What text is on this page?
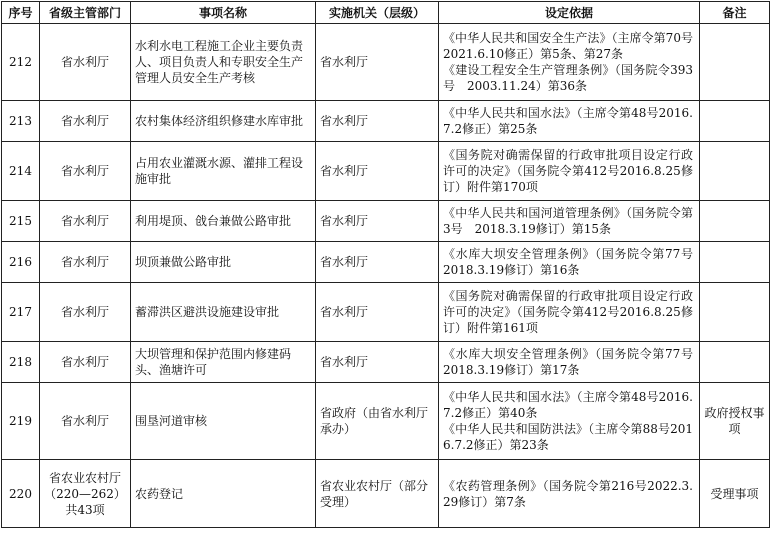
序号	省级主管部门	事项名称	实施机关（层级）	设定依据	备注
212	省水利厅	水利水电工程施工企业主要负责人、项目负责人和专职安全生产管理人员安全生产考核	省水利厅	《中华人民共和国安全生产法》（主席令第70号　2021.6.10修正）第5条、第27条
《建设工程安全生产管理条例》（国务院令393号　2003.11.24）第36条	

213	省水利厅	农村集体经济组织修建水库审批	省水利厅	《中华人民共和国水法》（主席令第48号2016.7.2修正）第25条	

214	省水利厅	占用农业灌溉水源、灌排工程设施审批	省水利厅	《国务院对确需保留的行政审批项目设定行政许可的决定》（国务院令第412号2016.8.25修订）附件第170项	

215	省水利厅	利用堤顶、戗台兼做公路审批	省水利厅	《中华人民共和国河道管理条例》（国务院令第3号　2018.3.19修订）第15条	

216	省水利厅	坝顶兼做公路审批	省水利厅	《水库大坝安全管理条例》（国务院令第77号　2018.3.19修订）第16条	

217	省水利厅	蓄滞洪区避洪设施建设审批	省水利厅	《国务院对确需保留的行政审批项目设定行政许可的决定》（国务院令第412号2016.8.25修订）附件第161项	

218	省水利厅	大坝管理和保护范围内修建码头、渔塘许可	省水利厅	《水库大坝安全管理条例》（国务院令第77号　2018.3.19修订）第17条	

219	省水利厅	围垦河道审核	省政府（由省水利厅承办）	《中华人民共和国水法》（主席令第48号2016.7.2修正）第40条
《中华人民共和国防洪法》（主席令第88号2016.7.2修正）第23条	政府授权事项
220	省农业农村厅（220—262）共43项	农药登记	省农业农村厅（部分受理）	《农药管理条例》（国务院令第216号2022.3.29修订）第7条	受理事项
